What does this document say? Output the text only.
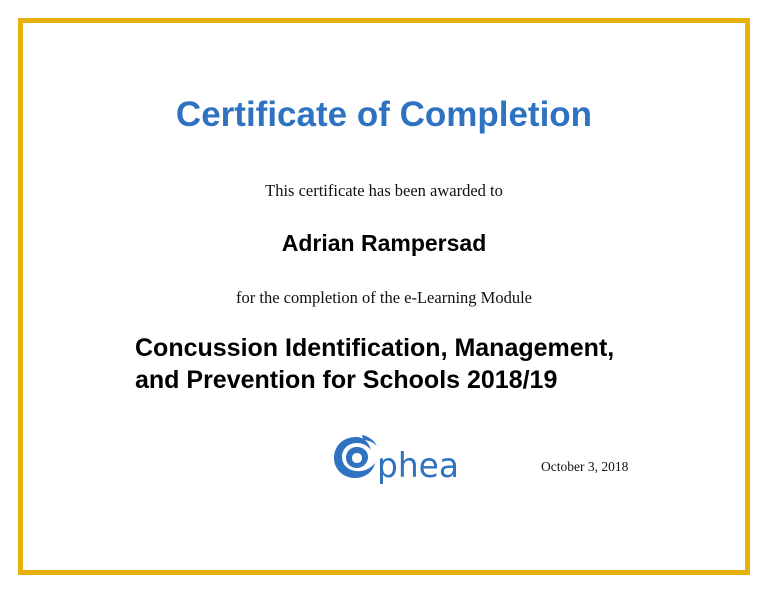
Certificate of Completion
This certificate has been awarded to
Adrian Rampersad
for the completion of the e-Learning Module
Concussion Identification, Management,
and Prevention for Schools 2018/19
phea	October 3, 2018
